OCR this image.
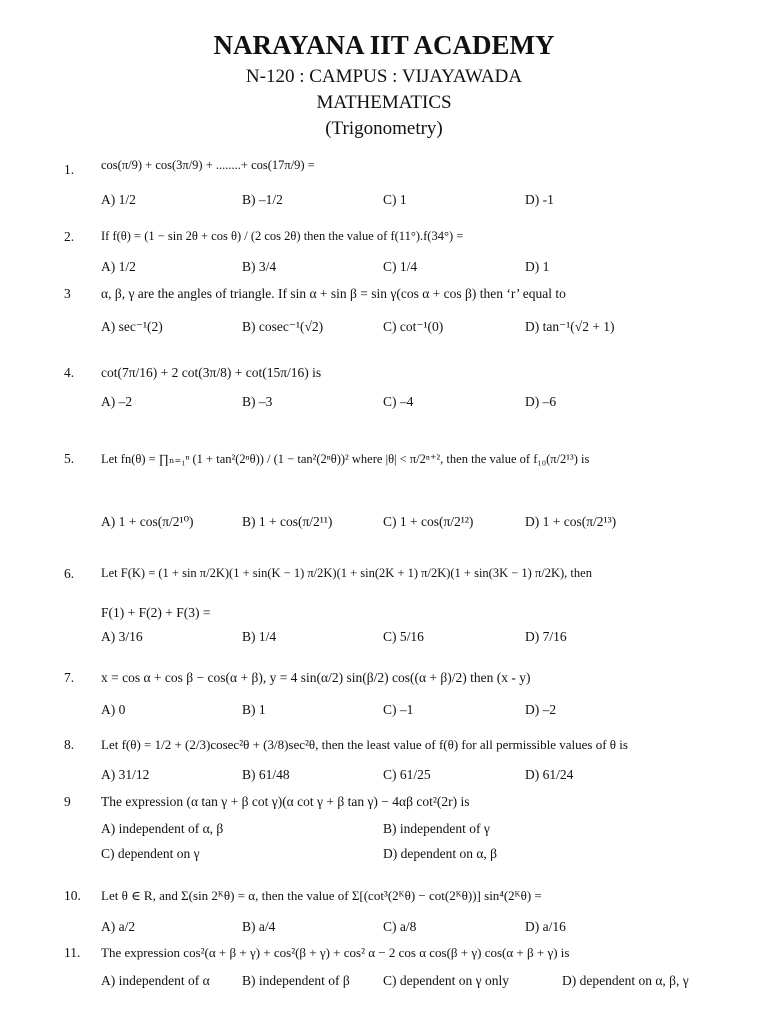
NARAYANA IIT ACADEMY
N-120 : CAMPUS : VIJAYAWADA
MATHEMATICS
(Trigonometry)
1. cos(π/9) + cos(3π/9) + ........+ cos(17π/9) =
A) 1/2	B) –1/2	C) 1	D) -1
2. If f(θ) = (1 − sin 2θ + cos θ) / (2 cos 2θ) then the value of f(11°).f(34°) =
A) 1/2	B) 3/4	C) 1/4	D) 1
3 α, β, γ are the angles of triangle. If sin α + sin β = sin γ(cos α + cos β) then ‘r’ equal to
A) sec⁻¹(2)	B) cosec⁻¹(√2)	C) cot⁻¹(0)	D) tan⁻¹(√2 + 1)
4. cot(7π/16) + 2 cot(3π/8) + cot(15π/16) is
A) –2	B) –3	C) –4	D) –6
5. Let fn(θ) = ∏ₙ₌₁ⁿ (1 + tan²(2ⁿθ)) / (1 − tan²(2ⁿθ))² where |θ| < π/2ⁿ⁺², then the value of f₁₀(π/2¹³) is
A) 1 + cos(π/2¹⁰)	B) 1 + cos(π/2¹¹)	C) 1 + cos(π/2¹²)	D) 1 + cos(π/2¹³)
6. Let F(K) = (1 + sin π/2K)(1 + sin(K − 1) π/2K)(1 + sin(2K + 1) π/2K)(1 + sin(3K − 1) π/2K), then
F(1) + F(2) + F(3) =
A) 3/16	B) 1/4	C) 5/16	D) 7/16
7. x = cos α + cos β − cos(α + β), y = 4 sin(α/2) sin(β/2) cos((α + β)/2) then (x - y)
A) 0	B) 1	C) –1	D) –2
8. Let f(θ) = 1/2 + (2/3)cosec²θ + (3/8)sec²θ, then the least value of f(θ) for all permissible values of θ is
A) 31/12	B) 61/48	C) 61/25	D) 61/24
9 The expression (α tan γ + β cot γ)(α cot γ + β tan γ) − 4αβ cot²(2r) is
A) independent of α, β	B) independent of γ
C) dependent on γ	D) dependent on α, β
10. Let θ ∈ R, and Σ(sin 2ᴷθ) = α, then the value of Σ[(cot³(2ᴷθ) − cot(2ᴷθ))] sin⁴(2ᴷθ) =
A) a/2	B) a/4	C) a/8	D) a/16
11. The expression cos²(α + β + γ) + cos²(β + γ) + cos² α − 2 cos α cos(β + γ) cos(α + β + γ) is
A) independent of α B) independent of β C) dependent on γ only	D) dependent on α, β, γ
